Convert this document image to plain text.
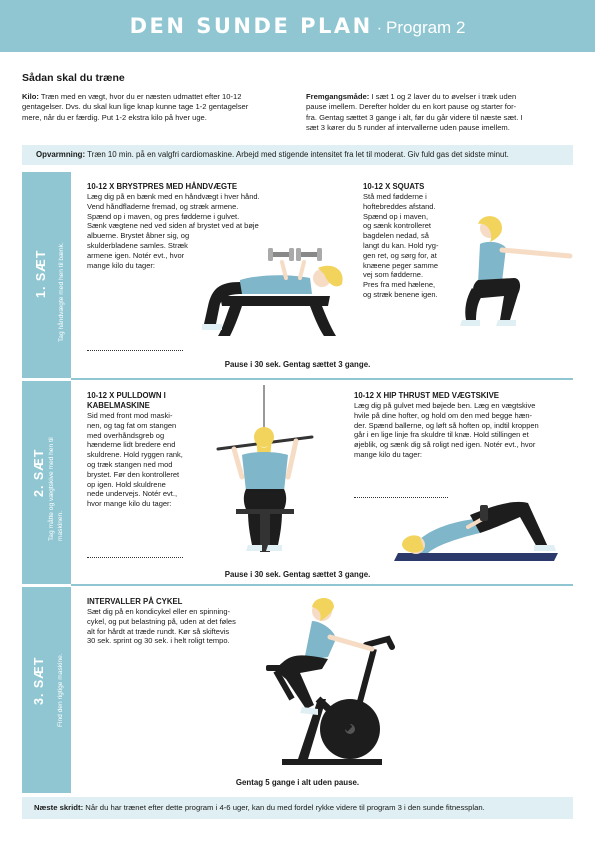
DEN SUNDE PLAN · Program 2
Sådan skal du træne
Kilo: Træn med en vægt, hvor du er næsten udmattet efter 10-12
gentagelser. Dvs. du skal kun lige knap kunne tage 1-2 gentagelser
mere, når du er færdig. Put 1-2 ekstra kilo på hver uge.
Fremgangsmåde: I sæt 1 og 2 laver du to øvelser i træk uden
pause imellem. Derefter holder du en kort pause og starter for-
fra. Gentag sættet 3 gange i alt, før du går videre til næste sæt. I
sæt 3 kører du 5 runder af intervallerne uden pause imellem.
Opvarmning: Træn 10 min. på en valgfri cardiomaskine. Arbejd med stigende intensitet fra let til moderat. Giv fuld gas det sidste minut.
1. SÆT	Tag håndvægte med hen til bænk.
10-12 X BRYSTPRES MED HÅNDVÆGTE
Læg dig på en bænk med en håndvægt i hver hånd.
Vend håndfladerne fremad, og stræk armene.
Spænd op i maven, og pres fødderne i gulvet.
Sænk vægtene ned ved siden af brystet ved at bøje
albuerne. Brystet åbner sig, og
skulderbladene samles. Stræk
armene igen. Notér evt., hvor
mange kilo du tager:
10-12 X SQUATS
Stå med fødderne i
hoftebreddes afstand.
Spænd op i maven,
og sænk kontrolleret
bagdelen nedad, så
langt du kan. Hold ryg-
gen ret, og sørg for, at
knæene peger samme
vej som fødderne.
Pres fra med hælene,
og stræk benene igen.
Pause i 30 sek. Gentag sættet 3 gange.
2. SÆT Tag måtte og vægtskive med hen til maskinen.
10-12 X PULLDOWN I
KABELMASKINE
Sid med front mod maski-
nen, og tag fat om stangen
med overhåndsgreb og
hænderne lidt bredere end
skuldrene. Hold ryggen rank,
og træk stangen ned mod
brystet. Før den kontrolleret
op igen. Hold skuldrene
nede undervejs. Notér evt.,
hvor mange kilo du tager:
10-12 X HIP THRUST MED VÆGTSKIVE
Læg dig på gulvet med bøjede ben. Læg en vægtskive
hvile på dine hofter, og hold om den med begge hæn-
der. Spænd ballerne, og løft så hoften op, indtil kroppen
går i en lige linje fra skuldre til knæ. Hold stillingen et
øjeblik, og sænk dig så roligt ned igen. Notér evt., hvor
mange kilo du tager:
Pause i 30 sek. Gentag sættet 3 gange.
3. SÆT	Find den rigtige maskine.
INTERVALLER PÅ CYKEL
Sæt dig på en kondicykel eller en spinning-
cykel, og put belastning på, uden at det føles
alt for hårdt at træde rundt. Kør så skiftevis
30 sek. sprint og 30 sek. i helt roligt tempo.
Gentag 5 gange i alt uden pause.
Næste skridt: Når du har trænet efter dette program i 4-6 uger, kan du med fordel rykke videre til program 3 i den sunde fitnessplan.
